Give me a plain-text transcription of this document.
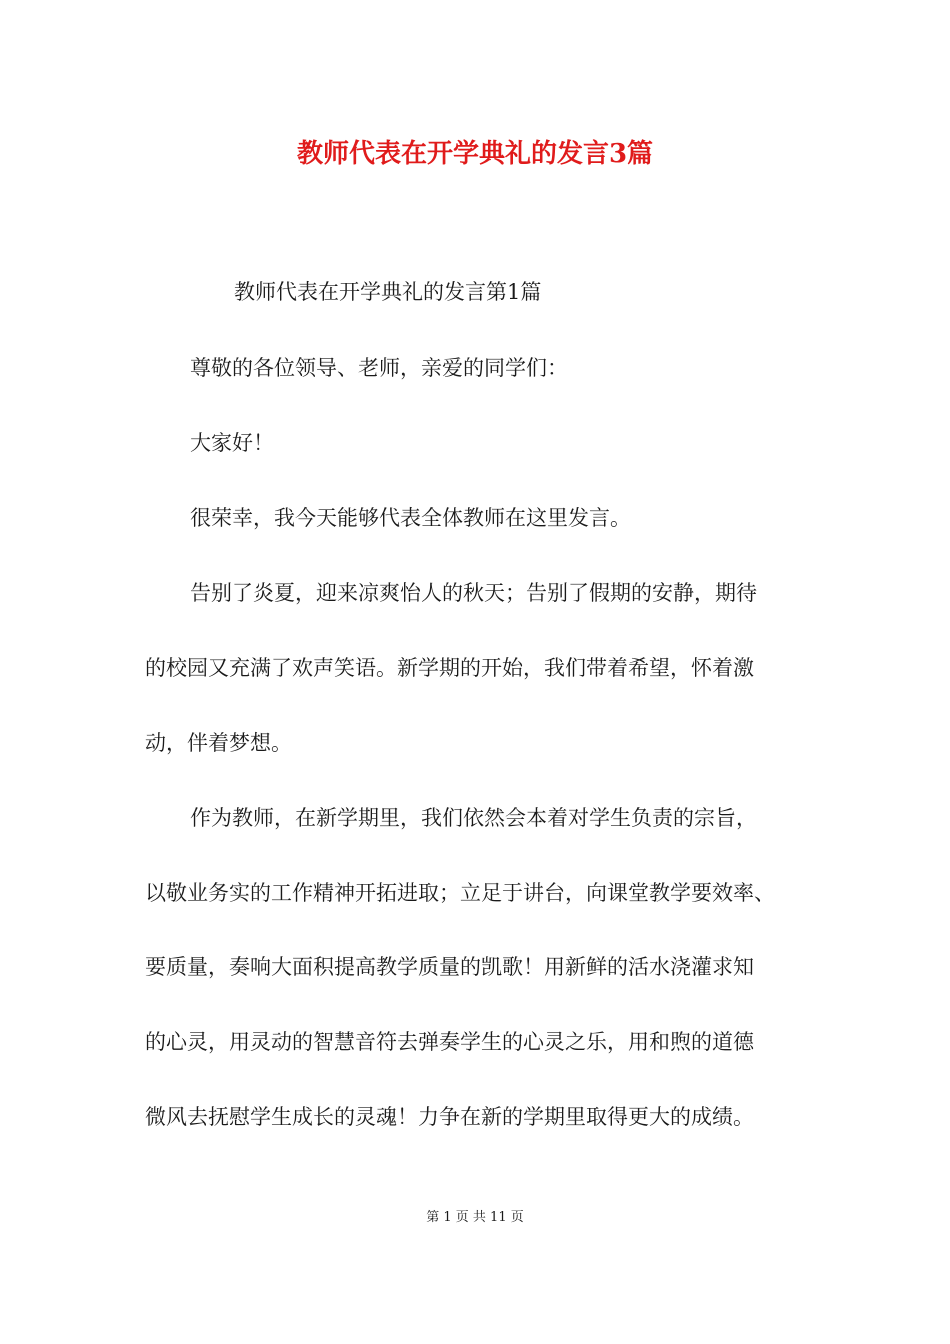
教师代表在开学典礼的发言3篇

教师代表在开学典礼的发言第1篇

尊敬的各位领导、老师，亲爱的同学们：

大家好！

很荣幸，我今天能够代表全体教师在这里发言。

告别了炎夏，迎来凉爽怡人的秋天；告别了假期的安静，期待

的校园又充满了欢声笑语。新学期的开始，我们带着希望，怀着激

动，伴着梦想。

作为教师，在新学期里，我们依然会本着对学生负责的宗旨，

以敬业务实的工作精神开拓进取；立足于讲台，向课堂教学要效率、

要质量，奏响大面积提高教学质量的凯歌！用新鲜的活水浇灌求知

的心灵，用灵动的智慧音符去弹奏学生的心灵之乐，用和煦的道德

微风去抚慰学生成长的灵魂！力争在新的学期里取得更大的成绩。

第 1 页 共 11 页
